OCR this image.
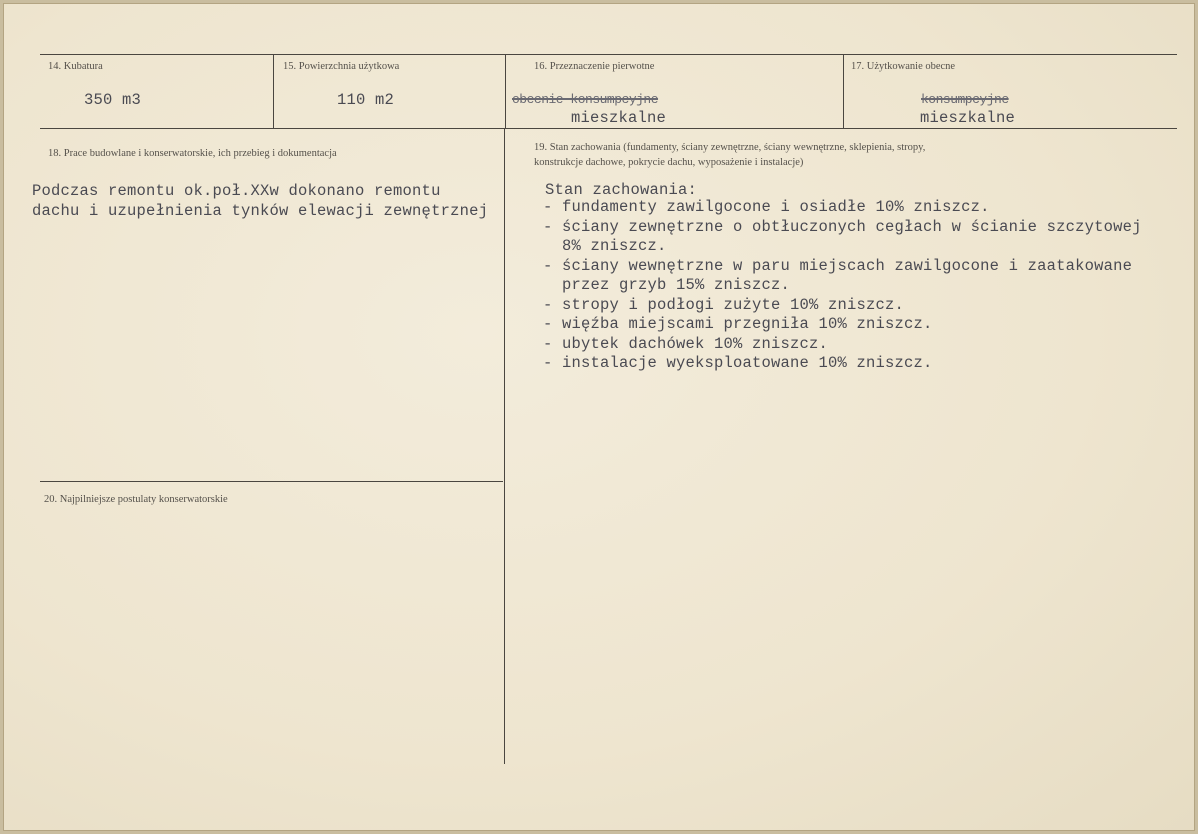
14. Kubatura
350 m3
15. Powierzchnia użytkowa
110 m2
16. Przeznaczenie pierwotne
obecnie konsumpcyjne
mieszkalne
17. Użytkowanie obecne
konsumpcyjne
mieszkalne
18. Prace budowlane i konserwatorskie, ich przebieg i dokumentacja
Podczas remontu ok.poł.XXw dokonano remontu
dachu i uzupełnienia tynków elewacji zewnętrznej
19. Stan zachowania (fundamenty, ściany zewnętrzne, ściany wewnętrzne, sklepienia, stropy,
konstrukcje dachowe, pokrycie dachu, wyposażenie i instalacje)
Stan zachowania:
- fundamenty zawilgocone i osiadłe 10% zniszcz.
- ściany zewnętrzne o obtłuczonych cegłach w ścianie szczytowej
8% zniszcz.
- ściany wewnętrzne w paru miejscach zawilgocone i zaatakowane
przez grzyb 15% zniszcz.
- stropy i podłogi zużyte 10% zniszcz.
- więźba miejscami przegniła 10% zniszcz.
- ubytek dachówek 10% zniszcz.
- instalacje wyeksploatowane 10% zniszcz.
20. Najpilniejsze postulaty konserwatorskie
